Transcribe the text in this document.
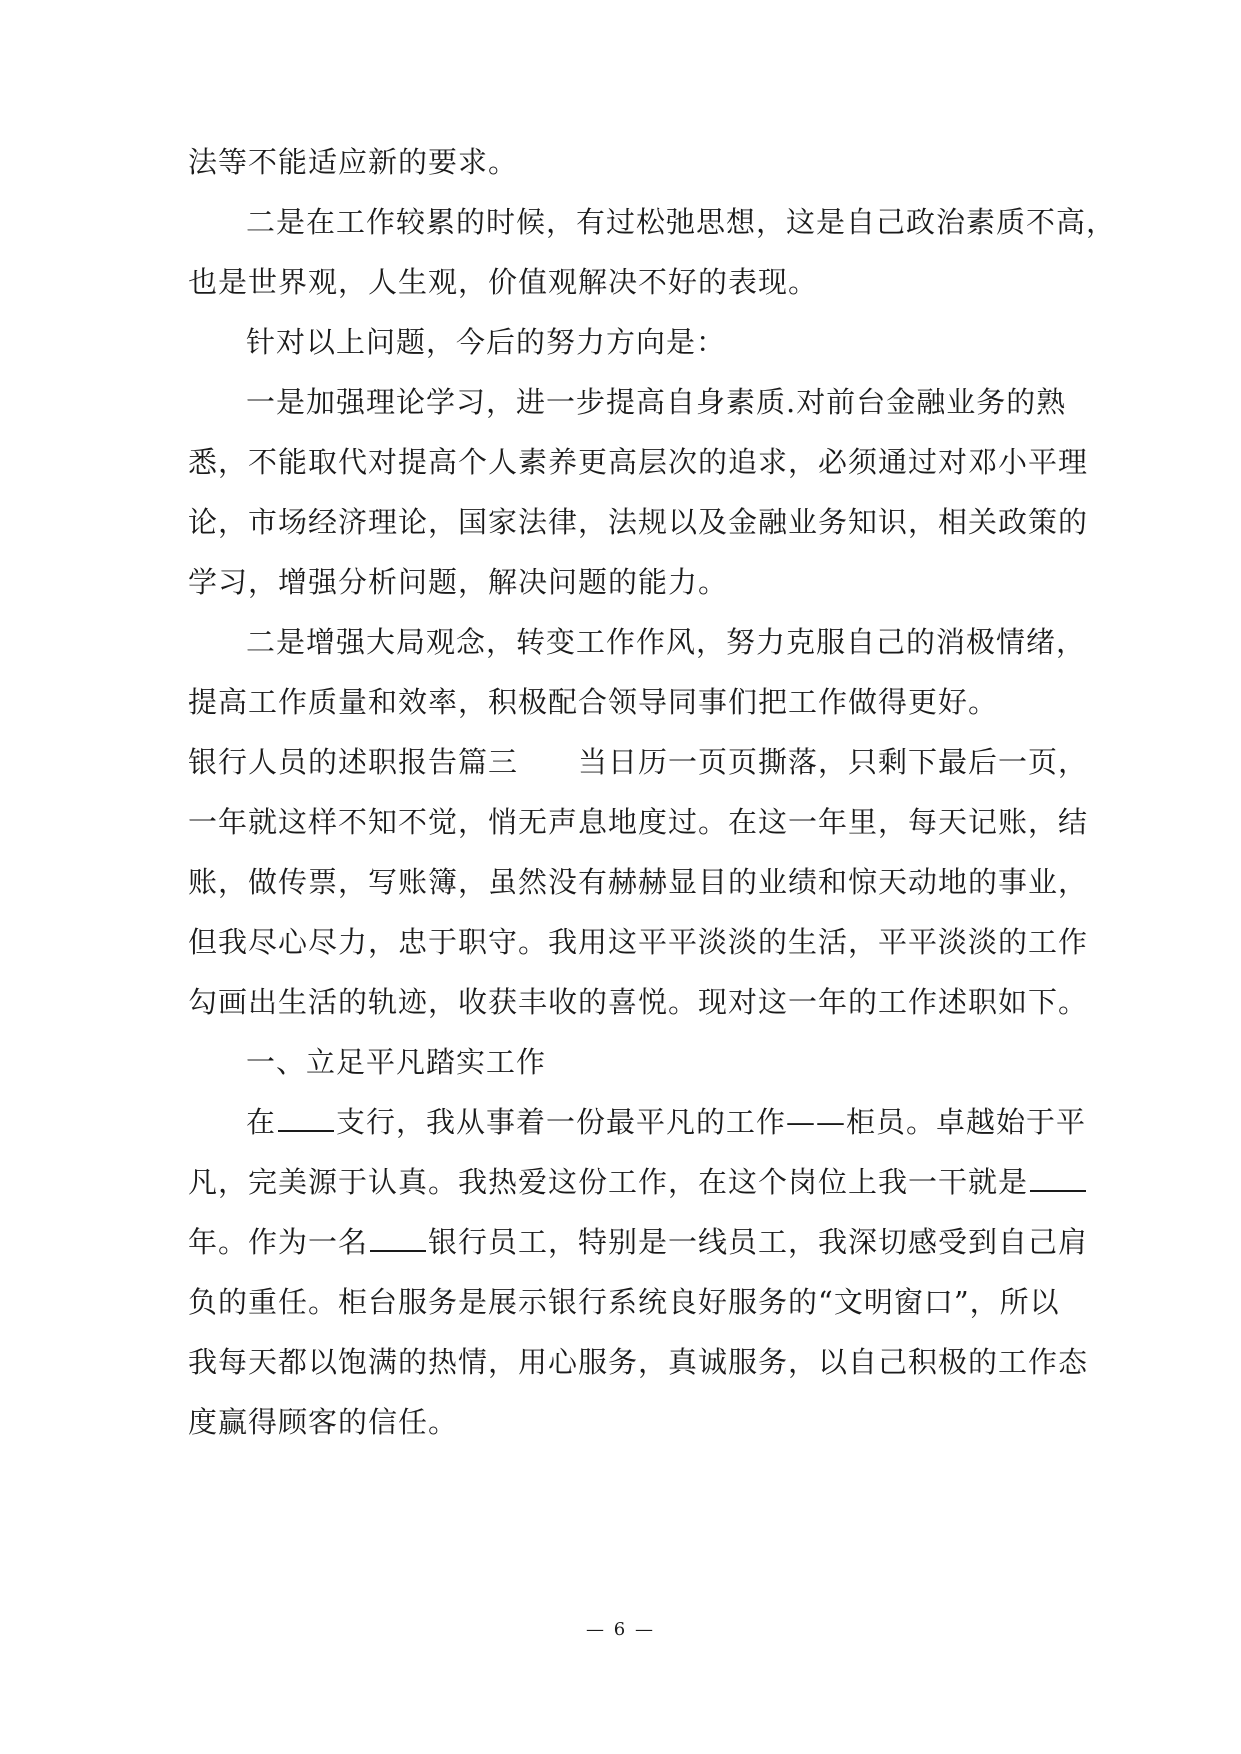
法等不能适应新的要求。
二是在工作较累的时候，有过松弛思想，这是自己政治素质不高，
也是世界观，人生观，价值观解决不好的表现。
针对以上问题，今后的努力方向是：
一是加强理论学习，进一步提高自身素质.对前台金融业务的熟
悉，不能取代对提高个人素养更高层次的追求，必须通过对邓小平理
论，市场经济理论，国家法律，法规以及金融业务知识，相关政策的
学习，增强分析问题，解决问题的能力。
二是增强大局观念，转变工作作风，努力克服自己的消极情绪，
提高工作质量和效率，积极配合领导同事们把工作做得更好。
银行人员的述职报告篇三　　当日历一页页撕落，只剩下最后一页，
一年就这样不知不觉，悄无声息地度过。在这一年里，每天记账，结
账，做传票，写账簿，虽然没有赫赫显目的业绩和惊天动地的事业，
但我尽心尽力，忠于职守。我用这平平淡淡的生活，平平淡淡的工作
勾画出生活的轨迹，收获丰收的喜悦。现对这一年的工作述职如下。
一、立足平凡踏实工作
在 支行，我从事着一份最平凡的工作——柜员。卓越始于平
凡，完美源于认真。我热爱这份工作，在这个岗位上我一干就是
年。作为一名 银行员工，特别是一线员工，我深切感受到自己肩
负的重任。柜台服务是展示银行系统良好服务的“文明窗口”，所以
我每天都以饱满的热情，用心服务，真诚服务，以自己积极的工作态
度赢得顾客的信任。
— 6 —
